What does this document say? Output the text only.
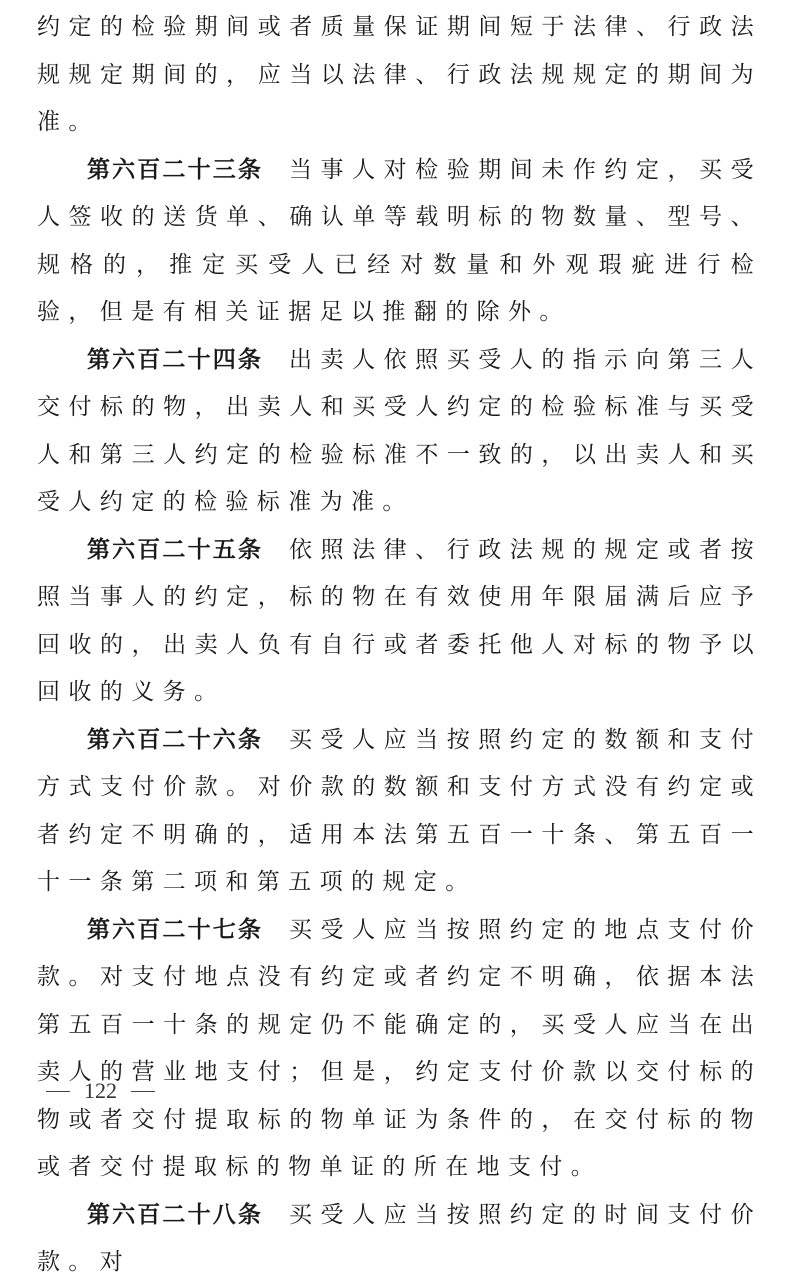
约定的检验期间或者质量保证期间短于法律、行政法规规定期间的，应当以法律、行政法规规定的期间为准。

第六百二十三条 当事人对检验期间未作约定，买受人签收的送货单、确认单等载明标的物数量、型号、规格的，推定买受人已经对数量和外观瑕疵进行检验，但是有相关证据足以推翻的除外。

第六百二十四条 出卖人依照买受人的指示向第三人交付标的物，出卖人和买受人约定的检验标准与买受人和第三人约定的检验标准不一致的，以出卖人和买受人约定的检验标准为准。

第六百二十五条 依照法律、行政法规的规定或者按照当事人的约定，标的物在有效使用年限届满后应予回收的，出卖人负有自行或者委托他人对标的物予以回收的义务。

第六百二十六条 买受人应当按照约定的数额和支付方式支付价款。对价款的数额和支付方式没有约定或者约定不明确的，适用本法第五百一十条、第五百一十一条第二项和第五项的规定。

第六百二十七条 买受人应当按照约定的地点支付价款。对支付地点没有约定或者约定不明确，依据本法第五百一十条的规定仍不能确定的，买受人应当在出卖人的营业地支付；但是，约定支付价款以交付标的物或者交付提取标的物单证为条件的，在交付标的物或者交付提取标的物单证的所在地支付。

第六百二十八条 买受人应当按照约定的时间支付价款。对

122
